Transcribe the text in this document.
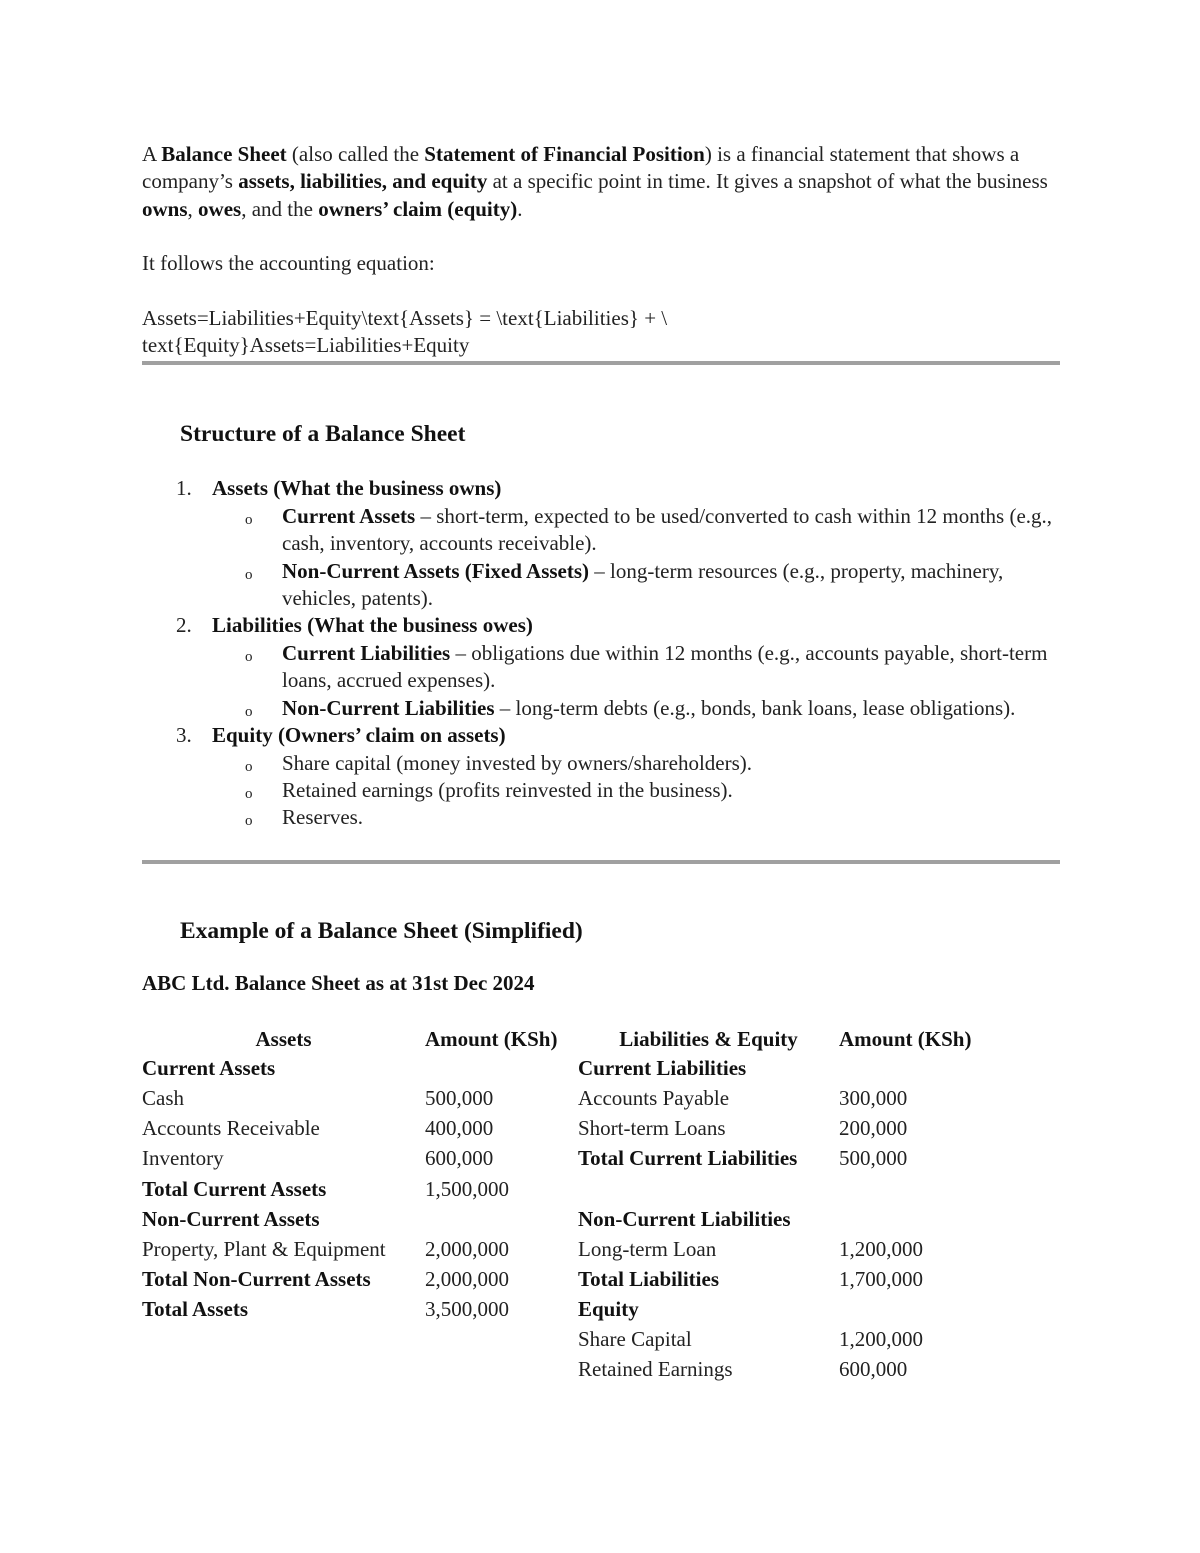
A Balance Sheet (also called the Statement of Financial Position) is a financial statement that shows a company’s assets, liabilities, and equity at a specific point in time. It gives a snapshot of what the business owns, owes, and the owners’ claim (equity).

It follows the accounting equation:

Assets=Liabilities+Equity\text{Assets} = \text{Liabilities} + \

text{Equity}Assets=Liabilities+Equity

Structure of a Balance Sheet
1. Assets (What the business owns)
o Current Assets – short-term, expected to be used/converted to cash within 12 months (e.g., cash, inventory, accounts receivable).
o Non-Current Assets (Fixed Assets) – long-term resources (e.g., property, machinery, vehicles, patents).
2. Liabilities (What the business owes)
o Current Liabilities – obligations due within 12 months (e.g., accounts payable, short-term loans, accrued expenses).
o Non-Current Liabilities – long-term debts (e.g., bonds, bank loans, lease obligations).
3. Equity (Owners’ claim on assets)
o Share capital (money invested by owners/shareholders).
o Retained earnings (profits reinvested in the business).
o Reserves.
Example of a Balance Sheet (Simplified)

ABC Ltd. Balance Sheet as at 31st Dec 2024

Assets	Amount (KSh)	Liabilities & Equity	Amount (KSh)
Current Assets		Current Liabilities	
Cash	500,000	Accounts Payable	300,000
Accounts Receivable	400,000	Short-term Loans	200,000
Inventory	600,000	Total Current Liabilities	500,000
Total Current Assets	1,500,000		
Non-Current Assets		Non-Current Liabilities	
Property, Plant & Equipment	2,000,000	Long-term Loan	1,200,000
Total Non-Current Assets	2,000,000	Total Liabilities	1,700,000
Total Assets	3,500,000	Equity	
		Share Capital	1,200,000
		Retained Earnings	600,000
